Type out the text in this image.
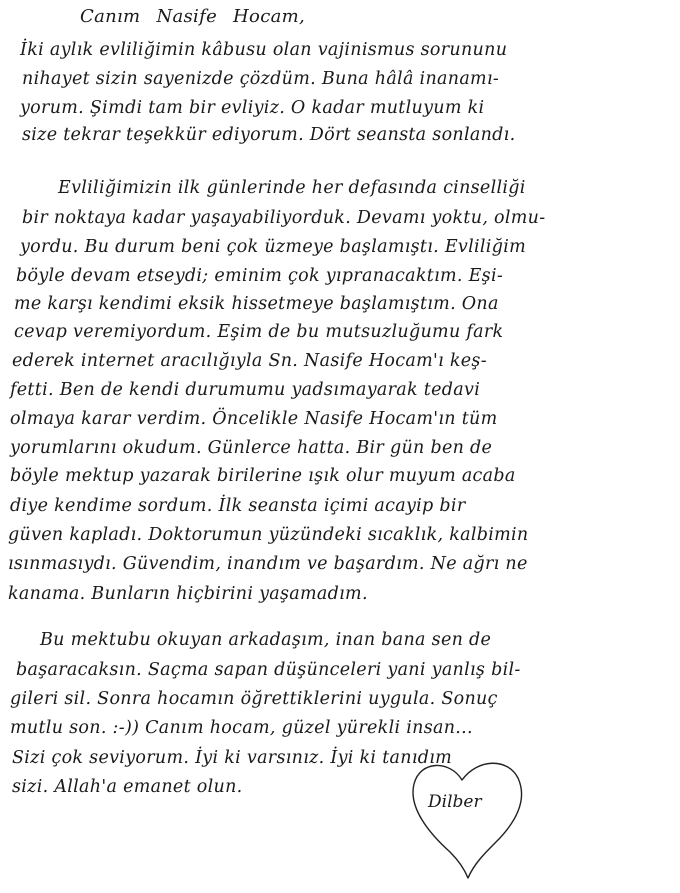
Canım Nasife Hocam,
İki aylık evliliğimin kâbusu olan vajinismus sorununu
nihayet sizin sayenizde çözdüm. Buna hâlâ inanamı-
yorum. Şimdi tam bir evliyiz. O kadar mutluyum ki
size tekrar teşekkür ediyorum. Dört seansta sonlandı.
Evliliğimizin ilk günlerinde her defasında cinselliği
bir noktaya kadar yaşayabiliyorduk. Devamı yoktu, olmu-
yordu. Bu durum beni çok üzmeye başlamıştı. Evliliğim
böyle devam etseydi; eminim çok yıpranacaktım. Eşi-
me karşı kendimi eksik hissetmeye başlamıştım. Ona
cevap veremiyordum. Eşim de bu mutsuzluğumu fark
ederek internet aracılığıyla Sn. Nasife Hocam'ı keş-
fetti. Ben de kendi durumumu yadsımayarak tedavi
olmaya karar verdim. Öncelikle Nasife Hocam'ın tüm
yorumlarını okudum. Günlerce hatta. Bir gün ben de
böyle mektup yazarak birilerine ışık olur muyum acaba
diye kendime sordum. İlk seansta içimi acayip bir
güven kapladı. Doktorumun yüzündeki sıcaklık, kalbimin
ısınmasıydı. Güvendim, inandım ve başardım. Ne ağrı ne
kanama. Bunların hiçbirini yaşamadım.
Bu mektubu okuyan arkadaşım, inan bana sen de
başaracaksın. Saçma sapan düşünceleri yani yanlış bil-
gileri sil. Sonra hocamın öğrettiklerini uygula. Sonuç
mutlu son. :-)) Canım hocam, güzel yürekli insan...
Sizi çok seviyorum. İyi ki varsınız. İyi ki tanıdım
sizi. Allah'a emanet olun.
Dilber
